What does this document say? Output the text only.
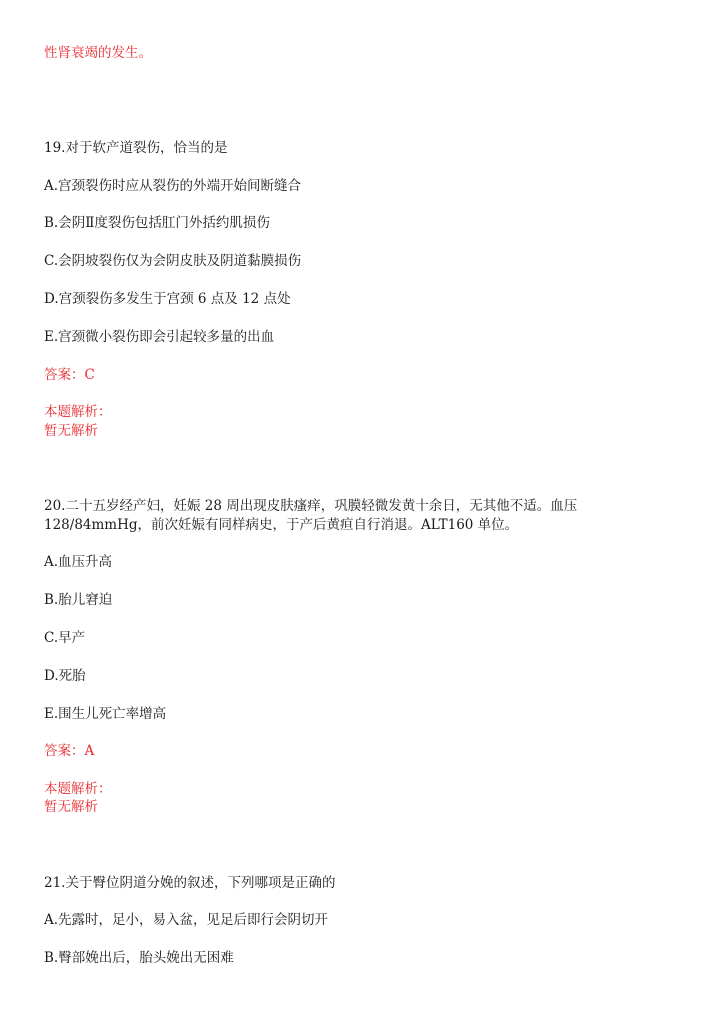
性肾衰竭的发生。
19.对于软产道裂伤，恰当的是
A.宫颈裂伤时应从裂伤的外端开始间断缝合
B.会阴Ⅱ度裂伤包括肛门外括约肌损伤
C.会阴坡裂伤仅为会阴皮肤及阴道黏膜损伤
D.宫颈裂伤多发生于宫颈 6 点及 12 点处
E.宫颈微小裂伤即会引起较多量的出血
答案：C
本题解析：
暂无解析
20.二十五岁经产妇，妊娠 28 周出现皮肤瘙痒，巩膜轻微发黄十余日，无其他不适。血压
128/84mmHg，前次妊娠有同样病史，于产后黄疸自行消退。ALT160 单位。
A.血压升高
B.胎儿窘迫
C.早产
D.死胎
E.围生儿死亡率增高
答案：A
本题解析：
暂无解析
21.关于臀位阴道分娩的叙述，下列哪项是正确的
A.先露时，足小，易入盆，见足后即行会阴切开
B.臀部娩出后，胎头娩出无困难
